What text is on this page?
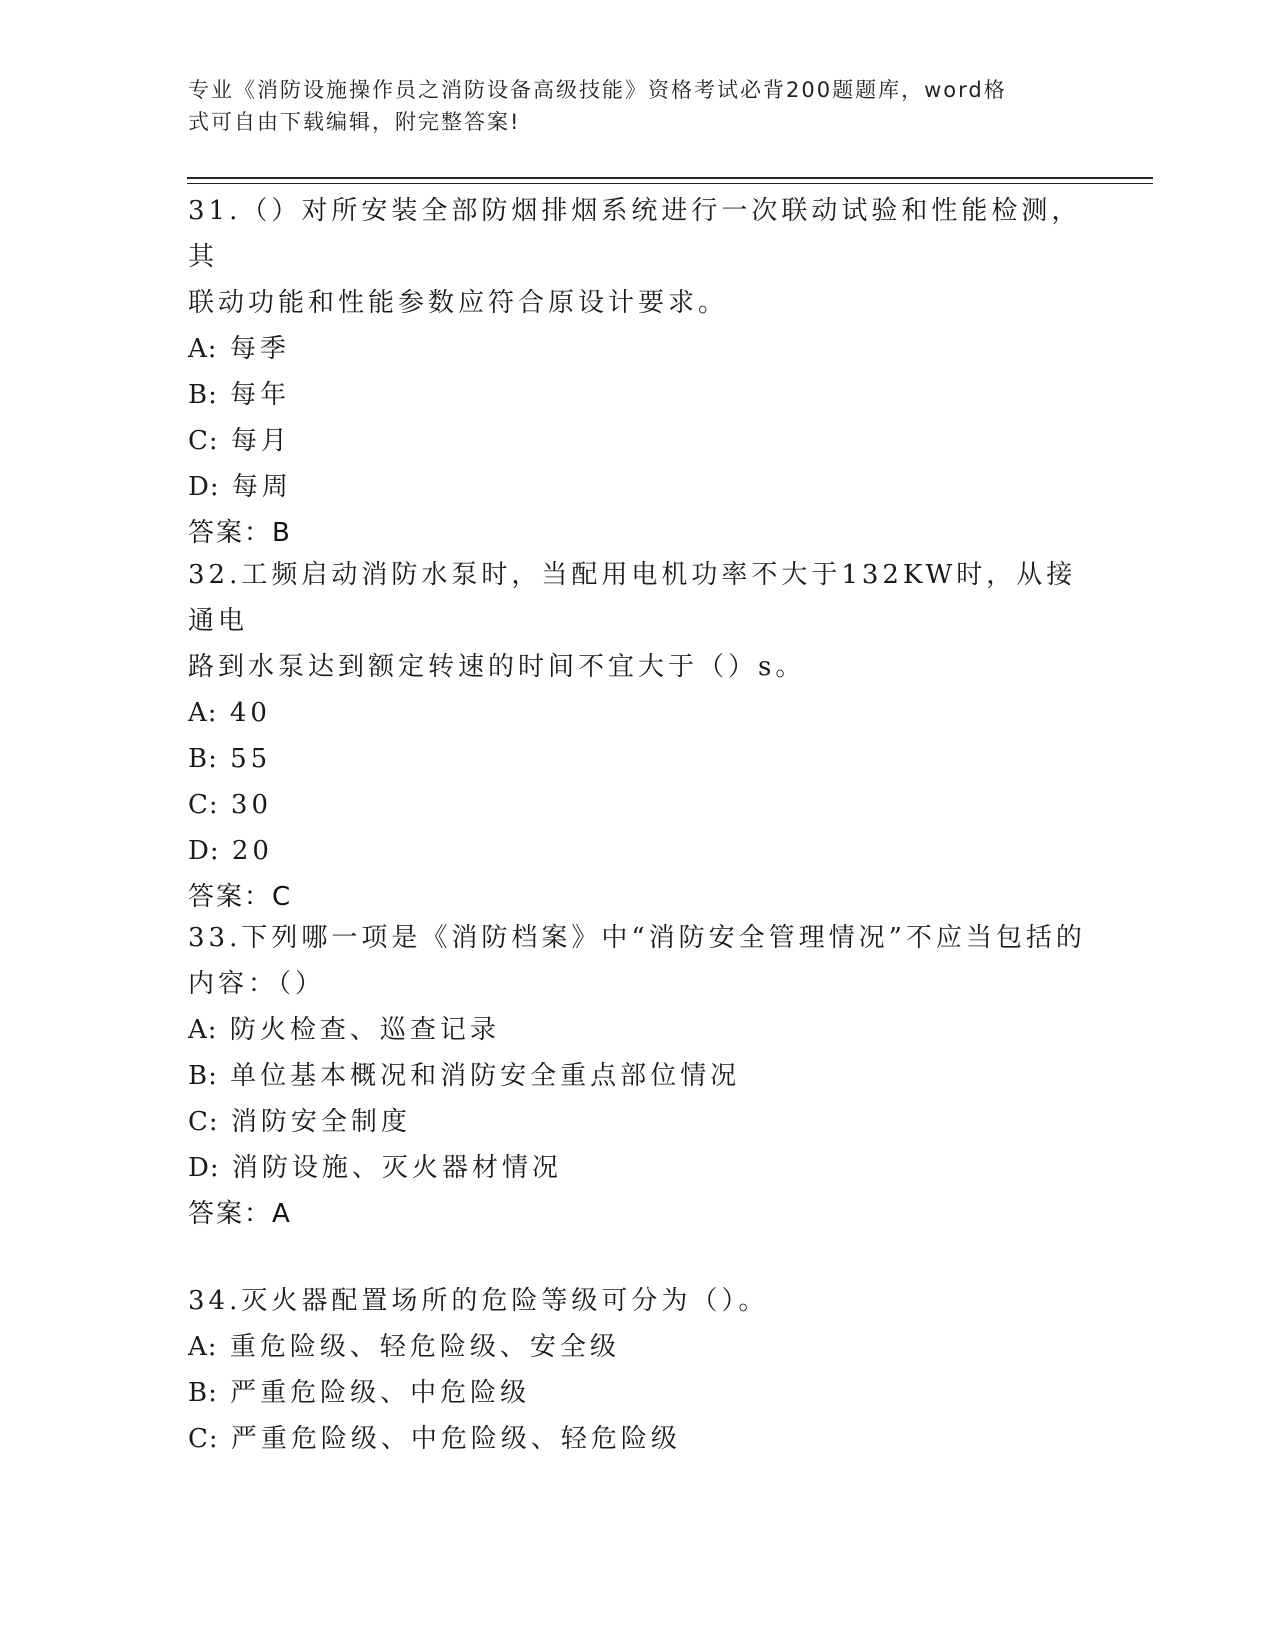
专业《消防设施操作员之消防设备高级技能》资格考试必背200题题库，word格
式可自由下载编辑，附完整答案!

31.（）对所安装全部防烟排烟系统进行一次联动试验和性能检测，其

联动功能和性能参数应符合原设计要求。

A: 每季

B: 每年

C: 每月

D: 每周

答案：B

32.工频启动消防水泵时，当配用电机功率不大于132KW时，从接通电

路到水泵达到额定转速的时间不宜大于（）s。

A: 40

B: 55

C: 30

D: 20

答案：C

33.下列哪一项是《消防档案》中“消防安全管理情况”不应当包括的

内容：（）

A: 防火检查、巡查记录

B: 单位基本概况和消防安全重点部位情况

C: 消防安全制度

D: 消防设施、灭火器材情况

答案：A

34.灭火器配置场所的危险等级可分为（）。

A: 重危险级、轻危险级、安全级

B: 严重危险级、中危险级

C: 严重危险级、中危险级、轻危险级
